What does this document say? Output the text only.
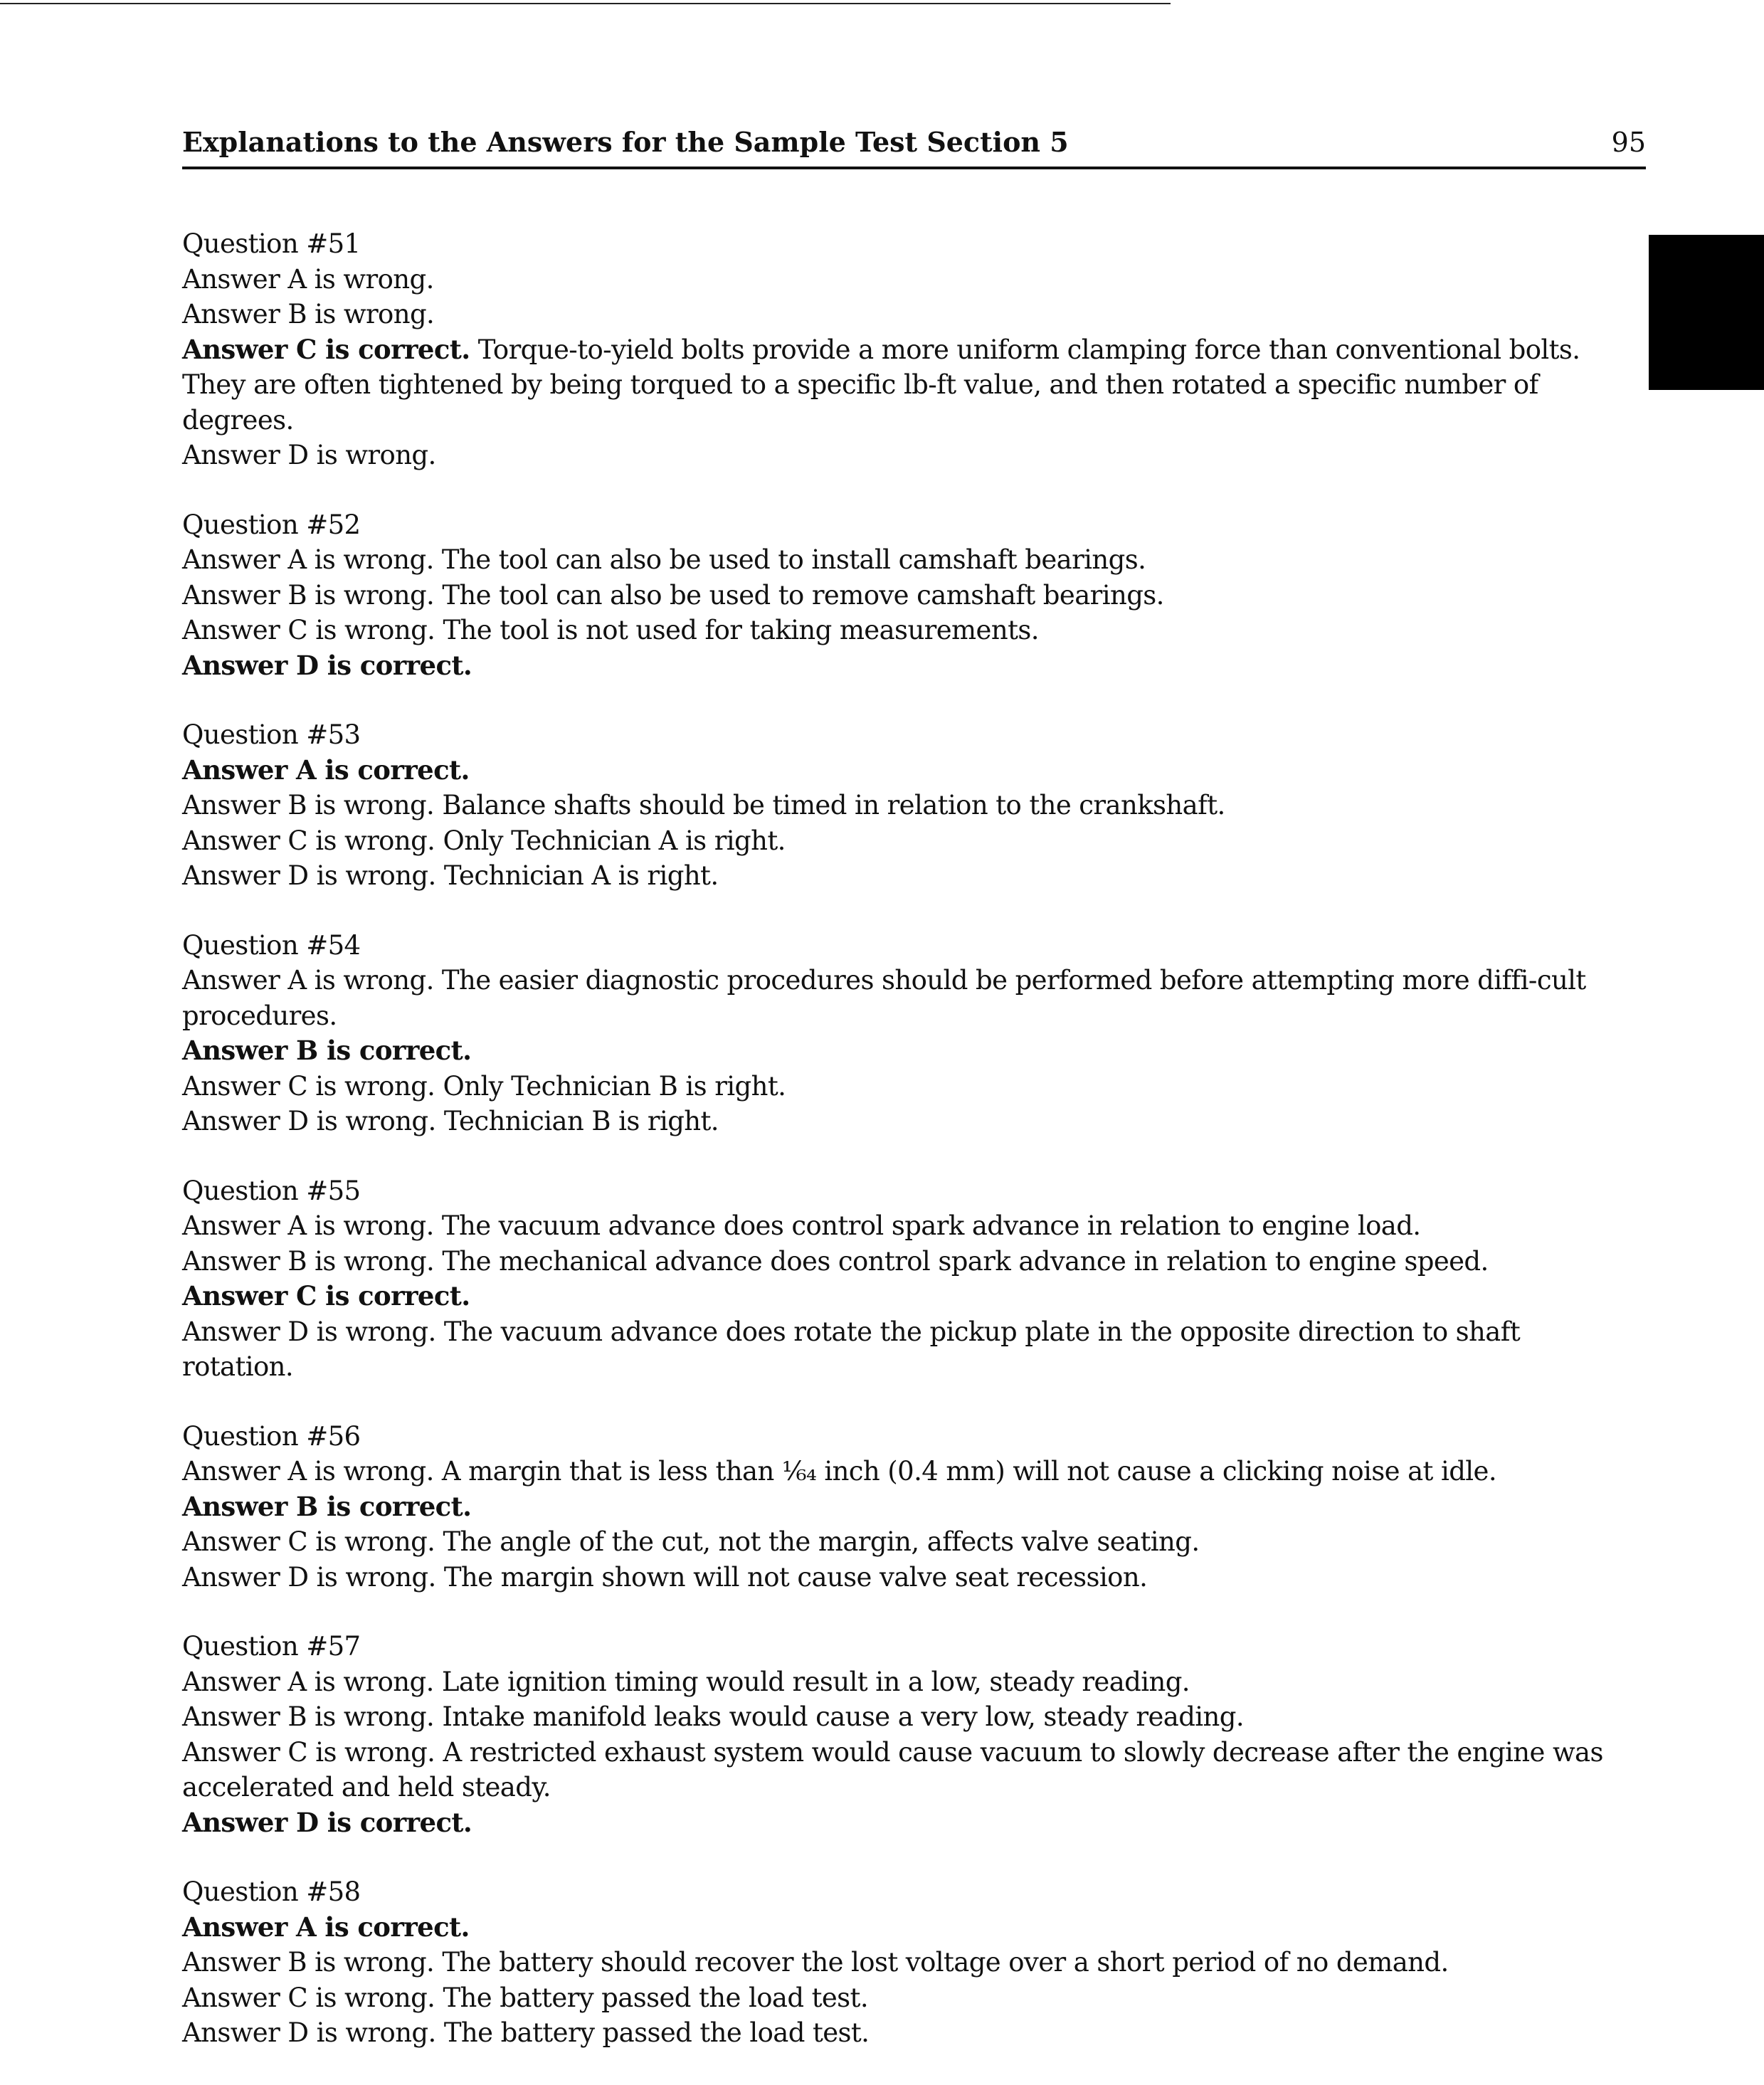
Explanations to the Answers for the Sample Test Section 5	95
Question #51
Answer A is wrong.
Answer B is wrong.
Answer C is correct. Torque-to-yield bolts provide a more uniform clamping force than conventional bolts. They are often tightened by being torqued to a specific lb-ft value, and then rotated a specific number of degrees.
Answer D is wrong.
Question #52
Answer A is wrong. The tool can also be used to install camshaft bearings.
Answer B is wrong. The tool can also be used to remove camshaft bearings.
Answer C is wrong. The tool is not used for taking measurements.
Answer D is correct.
Question #53
Answer A is correct.
Answer B is wrong. Balance shafts should be timed in relation to the crankshaft.
Answer C is wrong. Only Technician A is right.
Answer D is wrong. Technician A is right.
Question #54
Answer A is wrong. The easier diagnostic procedures should be performed before attempting more diffi-cult procedures.
Answer B is correct.
Answer C is wrong. Only Technician B is right.
Answer D is wrong. Technician B is right.
Question #55
Answer A is wrong. The vacuum advance does control spark advance in relation to engine load.
Answer B is wrong. The mechanical advance does control spark advance in relation to engine speed.
Answer C is correct.
Answer D is wrong. The vacuum advance does rotate the pickup plate in the opposite direction to shaft rotation.
Question #56
Answer A is wrong. A margin that is less than ¹⁄₆₄ inch (0.4 mm) will not cause a clicking noise at idle.
Answer B is correct.
Answer C is wrong. The angle of the cut, not the margin, affects valve seating.
Answer D is wrong. The margin shown will not cause valve seat recession.
Question #57
Answer A is wrong. Late ignition timing would result in a low, steady reading.
Answer B is wrong. Intake manifold leaks would cause a very low, steady reading.
Answer C is wrong. A restricted exhaust system would cause vacuum to slowly decrease after the engine was accelerated and held steady.
Answer D is correct.
Question #58
Answer A is correct.
Answer B is wrong. The battery should recover the lost voltage over a short period of no demand.
Answer C is wrong. The battery passed the load test.
Answer D is wrong. The battery passed the load test.
